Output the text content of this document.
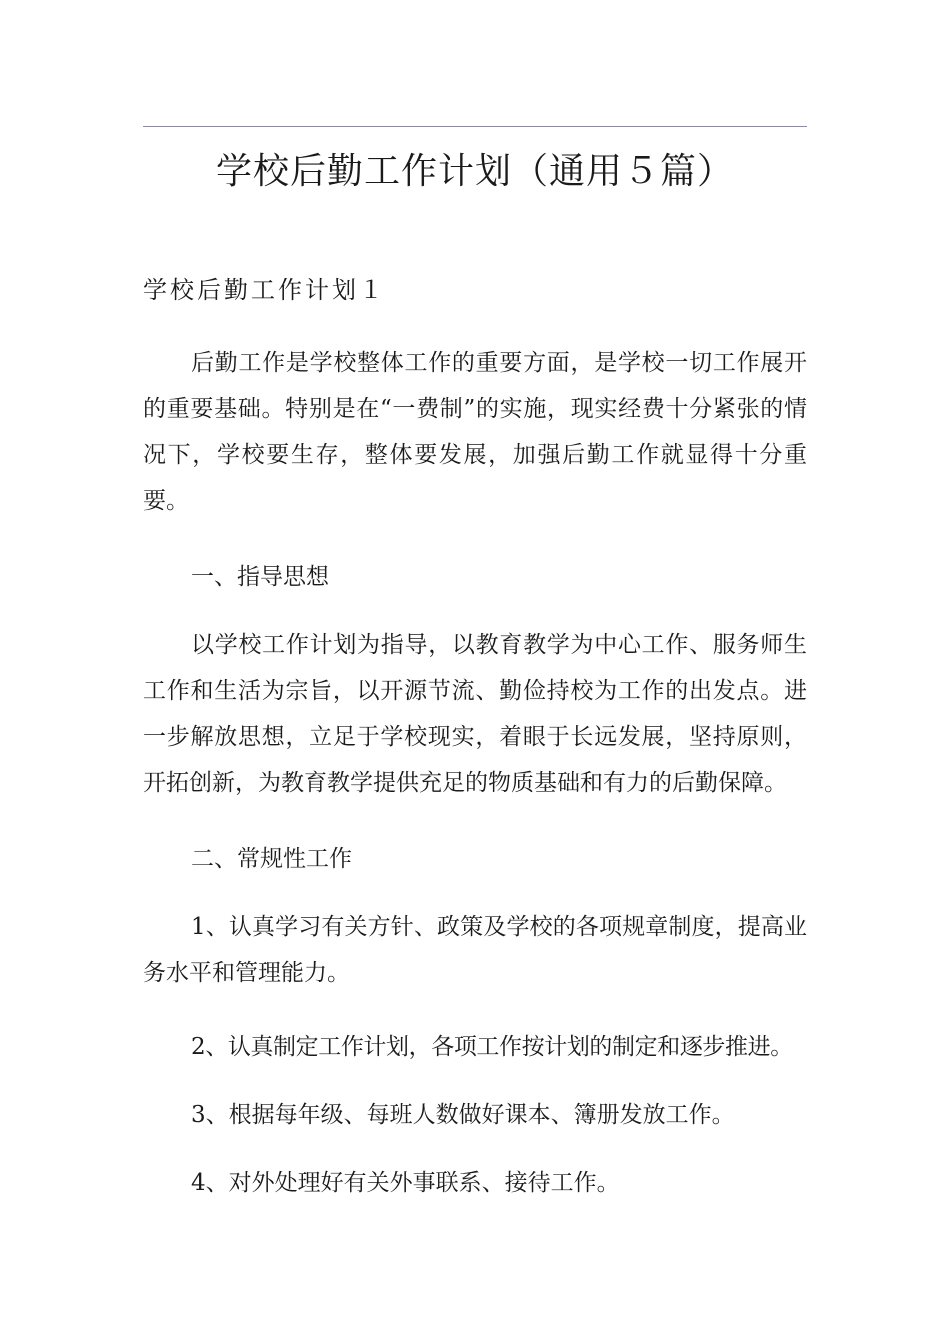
学校后勤工作计划（通用５篇）
学校后勤工作计划１

后勤工作是学校整体工作的重要方面，是学校一切工作展开的重要基础。特别是在“一费制”的实施，现实经费十分紧张的情况下，学校要生存，整体要发展，加强后勤工作就显得十分重要。

一、指导思想

以学校工作计划为指导，以教育教学为中心工作、服务师生工作和生活为宗旨，以开源节流、勤俭持校为工作的出发点。进一步解放思想，立足于学校现实，着眼于长远发展，坚持原则，开拓创新，为教育教学提供充足的物质基础和有力的后勤保障。

二、常规性工作

1、认真学习有关方针、政策及学校的各项规章制度，提高业务水平和管理能力。

2、认真制定工作计划，各项工作按计划的制定和逐步推进。

3、根据每年级、每班人数做好课本、簿册发放工作。

4、对外处理好有关外事联系、接待工作。
